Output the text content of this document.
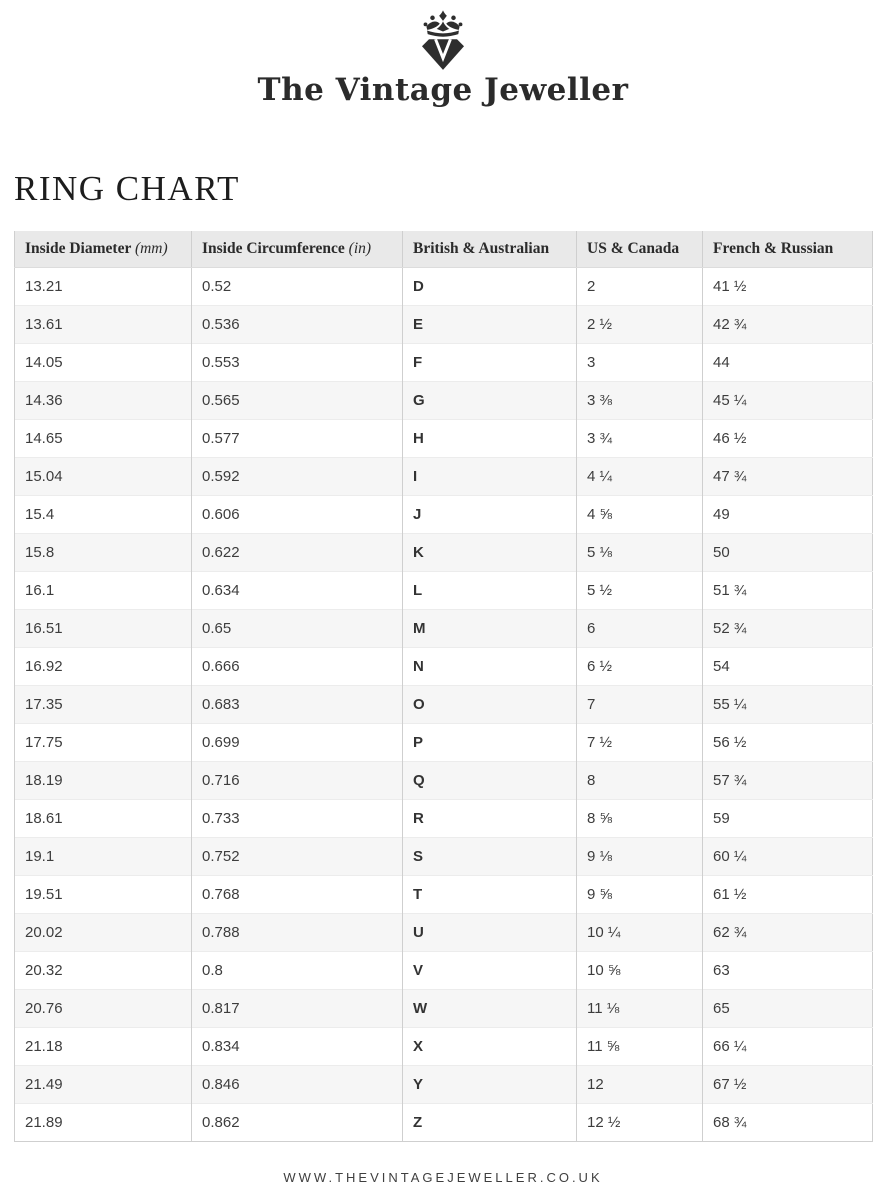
The Vintage Jeweller
RING CHART
Inside Diameter (mm)	Inside Circumference (in)	British & Australian	US & Canada	French & Russian
13.21	0.52	D	2	41 ½
13.61	0.536	E	2 ½	42 ¾
14.05	0.553	F	3	44
14.36	0.565	G	3 ⅜	45 ¼
14.65	0.577	H	3 ¾	46 ½
15.04	0.592	I	4 ¼	47 ¾
15.4	0.606	J	4 ⅝	49
15.8	0.622	K	5 ⅛	50
16.1	0.634	L	5 ½	51 ¾
16.51	0.65	M	6	52 ¾
16.92	0.666	N	6 ½	54
17.35	0.683	O	7	55 ¼
17.75	0.699	P	7 ½	56 ½
18.19	0.716	Q	8	57 ¾
18.61	0.733	R	8 ⅝	59
19.1	0.752	S	9 ⅛	60 ¼
19.51	0.768	T	9 ⅝	61 ½
20.02	0.788	U	10 ¼	62 ¾
20.32	0.8	V	10 ⅝	63
20.76	0.817	W	11 ⅛	65
21.18	0.834	X	11 ⅝	66 ¼
21.49	0.846	Y	12	67 ½
21.89	0.862	Z	12 ½	68 ¾
WWW.THEVINTAGEJEWELLER.CO.UK
